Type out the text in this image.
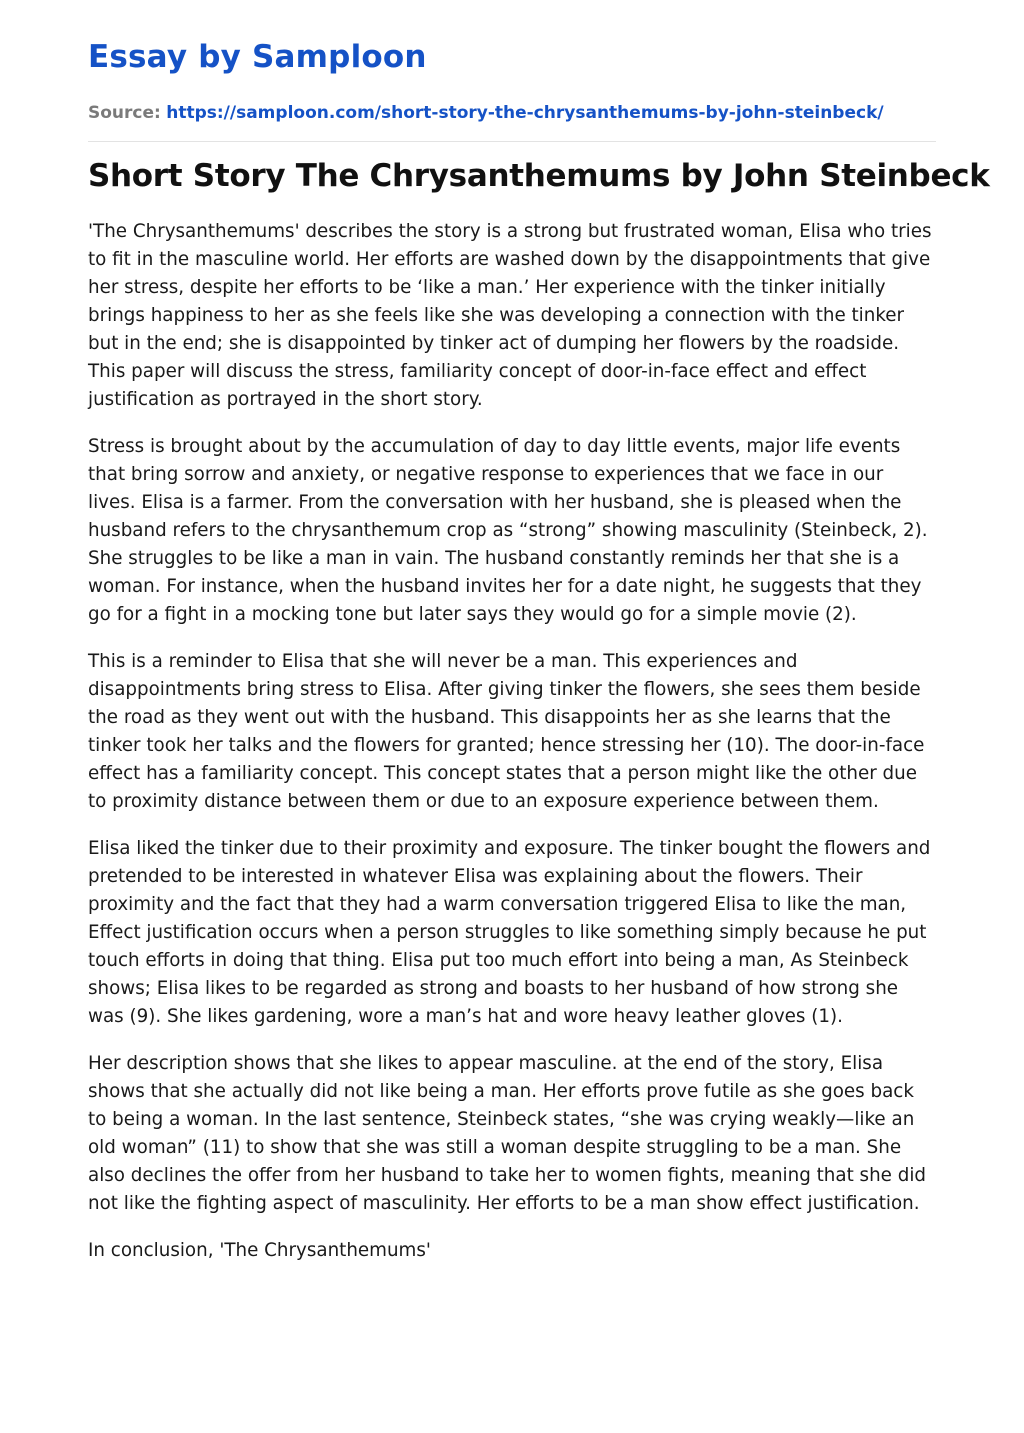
Essay by Samploon
Source: https://samploon.com/short-story-the-chrysanthemums-by-john-steinbeck/
Short Story The Chrysanthemums by John Steinbeck

'The Chrysanthemums' describes the story is a strong but frustrated woman, Elisa who tries to fit in the masculine world. Her efforts are washed down by the disappointments that give her stress, despite her efforts to be ‘like a man.’ Her experience with the tinker initially brings happiness to her as she feels like she was developing a connection with the tinker but in the end; she is disappointed by tinker act of dumping her flowers by the roadside. This paper will discuss the stress, familiarity concept of door-in-face effect and effect justification as portrayed in the short story.

Stress is brought about by the accumulation of day to day little events, major life events that bring sorrow and anxiety, or negative response to experiences that we face in our lives. Elisa is a farmer. From the conversation with her husband, she is pleased when the husband refers to the chrysanthemum crop as “strong” showing masculinity (Steinbeck, 2). She struggles to be like a man in vain. The husband constantly reminds her that she is a woman. For instance, when the husband invites her for a date night, he suggests that they go for a fight in a mocking tone but later says they would go for a simple movie (2).

This is a reminder to Elisa that she will never be a man. This experiences and disappointments bring stress to Elisa. After giving tinker the flowers, she sees them beside the road as they went out with the husband. This disappoints her as she learns that the tinker took her talks and the flowers for granted; hence stressing her (10). The door-in-face effect has a familiarity concept. This concept states that a person might like the other due to proximity distance between them or due to an exposure experience between them.

Elisa liked the tinker due to their proximity and exposure. The tinker bought the flowers and pretended to be interested in whatever Elisa was explaining about the flowers. Their proximity and the fact that they had a warm conversation triggered Elisa to like the man, Effect justification occurs when a person struggles to like something simply because he put touch efforts in doing that thing. Elisa put too much effort into being a man, As Steinbeck shows; Elisa likes to be regarded as strong and boasts to her husband of how strong she was (9). She likes gardening, wore a man’s hat and wore heavy leather gloves (1).

Her description shows that she likes to appear masculine. at the end of the story, Elisa shows that she actually did not like being a man. Her efforts prove futile as she goes back to being a woman. In the last sentence, Steinbeck states, “she was crying weakly—like an old woman” (11) to show that she was still a woman despite struggling to be a man. She also declines the offer from her husband to take her to women fights, meaning that she did not like the fighting aspect of masculinity. Her efforts to be a man show effect justification.

In conclusion, 'The Chrysanthemums'
